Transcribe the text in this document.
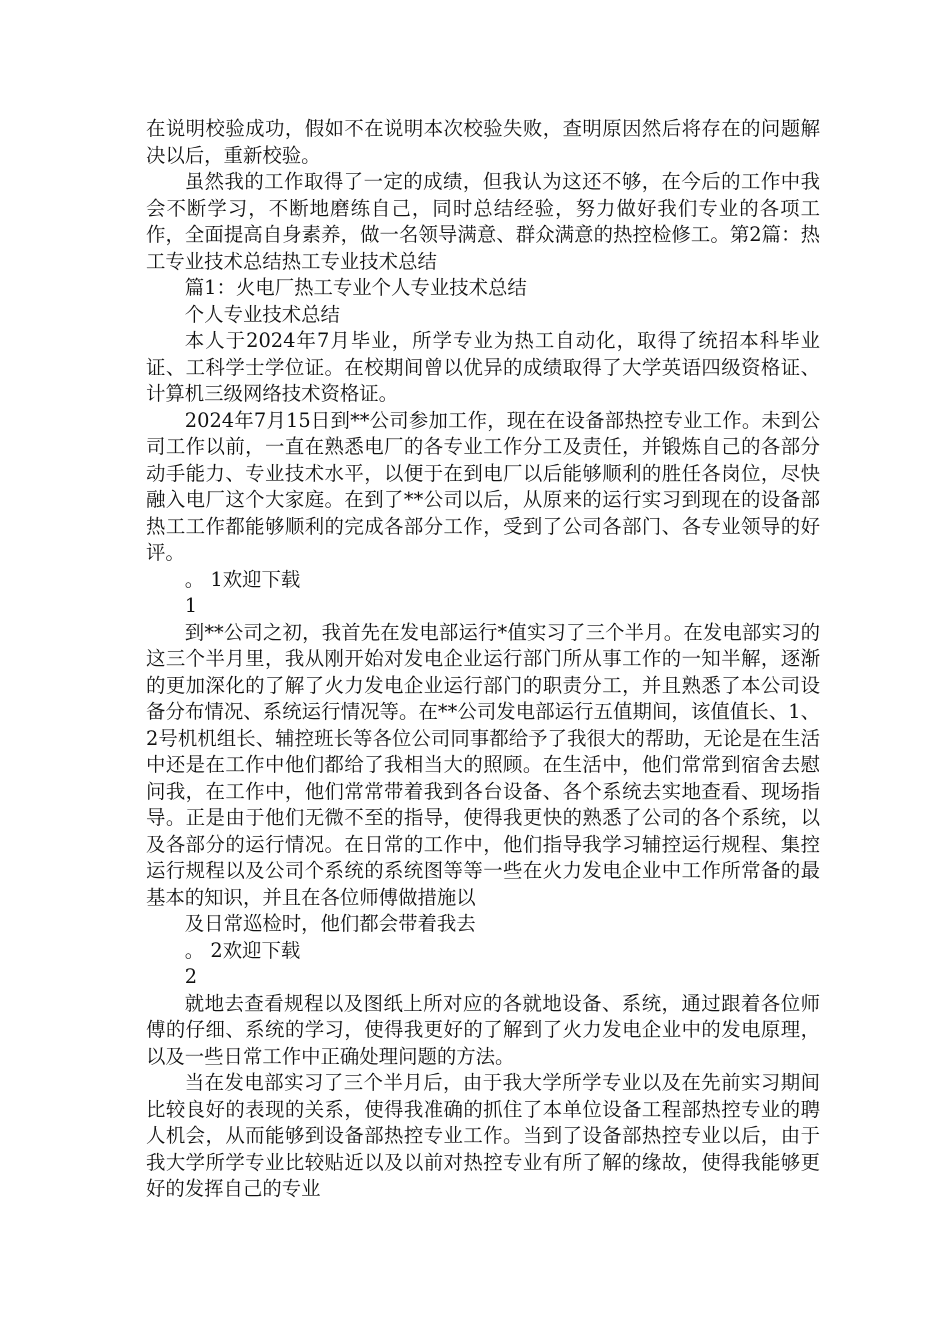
在说明校验成功，假如不在说明本次校验失败，查明原因然后将存在的问题解决以后，重新校验。

虽然我的工作取得了一定的成绩，但我认为这还不够，在今后的工作中我会不断学习，不断地磨练自己，同时总结经验，努力做好我们专业的各项工作，全面提高自身素养，做一名领导满意、群众满意的热控检修工。第2篇：热工专业技术总结热工专业技术总结

篇1：火电厂热工专业个人专业技术总结

个人专业技术总结

本人于2024年7月毕业，所学专业为热工自动化，取得了统招本科毕业证、工科学士学位证。在校期间曾以优异的成绩取得了大学英语四级资格证、计算机三级网络技术资格证。

2024年7月15日到**公司参加工作，现在在设备部热控专业工作。未到公司工作以前，一直在熟悉电厂的各专业工作分工及责任，并锻炼自己的各部分动手能力、专业技术水平，以便于在到电厂以后能够顺利的胜任各岗位，尽快融入电厂这个大家庭。在到了**公司以后，从原来的运行实习到现在的设备部热工工作都能够顺利的完成各部分工作，受到了公司各部门、各专业领导的好评。

。 1欢迎下载

1

到**公司之初，我首先在发电部运行*值实习了三个半月。在发电部实习的这三个半月里，我从刚开始对发电企业运行部门所从事工作的一知半解，逐渐的更加深化的了解了火力发电企业运行部门的职责分工，并且熟悉了本公司设备分布情况、系统运行情况等。在**公司发电部运行五值期间，该值值长、1、2号机机组长、辅控班长等各位公司同事都给予了我很大的帮助，无论是在生活中还是在工作中他们都给了我相当大的照顾。在生活中，他们常常到宿舍去慰问我，在工作中，他们常常带着我到各台设备、各个系统去实地查看、现场指导。正是由于他们无微不至的指导，使得我更快的熟悉了公司的各个系统，以及各部分的运行情况。在日常的工作中，他们指导我学习辅控运行规程、集控运行规程以及公司个系统的系统图等等一些在火力发电企业中工作所常备的最基本的知识，并且在各位师傅做措施以

及日常巡检时，他们都会带着我去

。 2欢迎下载

2

就地去查看规程以及图纸上所对应的各就地设备、系统，通过跟着各位师傅的仔细、系统的学习，使得我更好的了解到了火力发电企业中的发电原理，以及一些日常工作中正确处理问题的方法。

当在发电部实习了三个半月后，由于我大学所学专业以及在先前实习期间比较良好的表现的关系，使得我准确的抓住了本单位设备工程部热控专业的聘人机会，从而能够到设备部热控专业工作。当到了设备部热控专业以后，由于我大学所学专业比较贴近以及以前对热控专业有所了解的缘故，使得我能够更好的发挥自己的专业
